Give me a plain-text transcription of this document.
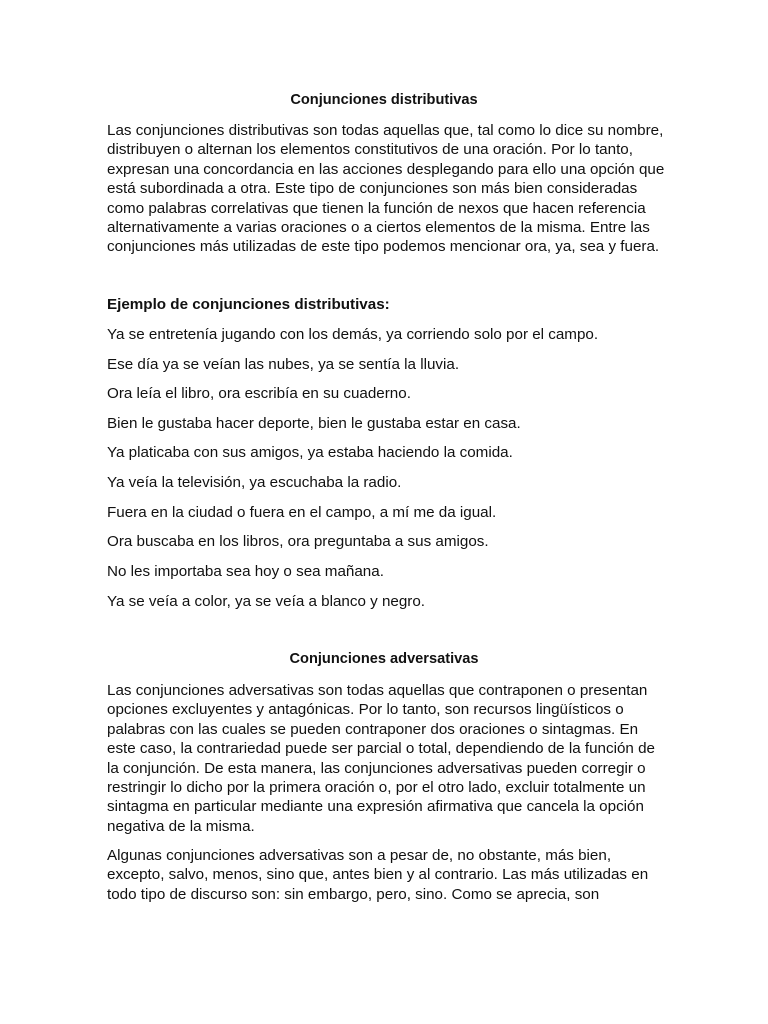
Conjunciones distributivas

Las conjunciones distributivas son todas aquellas que, tal como lo dice su nombre, distribuyen o alternan los elementos constitutivos de una oración. Por lo tanto, expresan una concordancia en las acciones desplegando para ello una opción que está subordinada a otra. Este tipo de conjunciones son más bien consideradas como palabras correlativas que tienen la función de nexos que hacen referencia alternativamente a varias oraciones o a ciertos elementos de la misma. Entre las conjunciones más utilizadas de este tipo podemos mencionar ora, ya, sea y fuera.

Ejemplo de conjunciones distributivas:

Ya se entretenía jugando con los demás, ya corriendo solo por el campo.

Ese día ya se veían las nubes, ya se sentía la lluvia.

Ora leía el libro, ora escribía en su cuaderno.

Bien le gustaba hacer deporte, bien le gustaba estar en casa.

Ya platicaba con sus amigos, ya estaba haciendo la comida.

Ya veía la televisión, ya escuchaba la radio.

Fuera en la ciudad o fuera en el campo, a mí me da igual.

Ora buscaba en los libros, ora preguntaba a sus amigos.

No les importaba sea hoy o sea mañana.

Ya se veía a color, ya se veía a blanco y negro.

Conjunciones adversativas

Las conjunciones adversativas son todas aquellas que contraponen o presentan opciones excluyentes y antagónicas. Por lo tanto, son recursos lingüísticos o palabras con las cuales se pueden contraponer dos oraciones o sintagmas. En este caso, la contrariedad puede ser parcial o total, dependiendo de la función de la conjunción. De esta manera, las conjunciones adversativas pueden corregir o restringir lo dicho por la primera oración o, por el otro lado, excluir totalmente un sintagma en particular mediante una expresión afirmativa que cancela la opción negativa de la misma.

Algunas conjunciones adversativas son a pesar de, no obstante, más bien, excepto, salvo, menos, sino que, antes bien y al contrario. Las más utilizadas en todo tipo de discurso son: sin embargo, pero, sino. Como se aprecia, son
